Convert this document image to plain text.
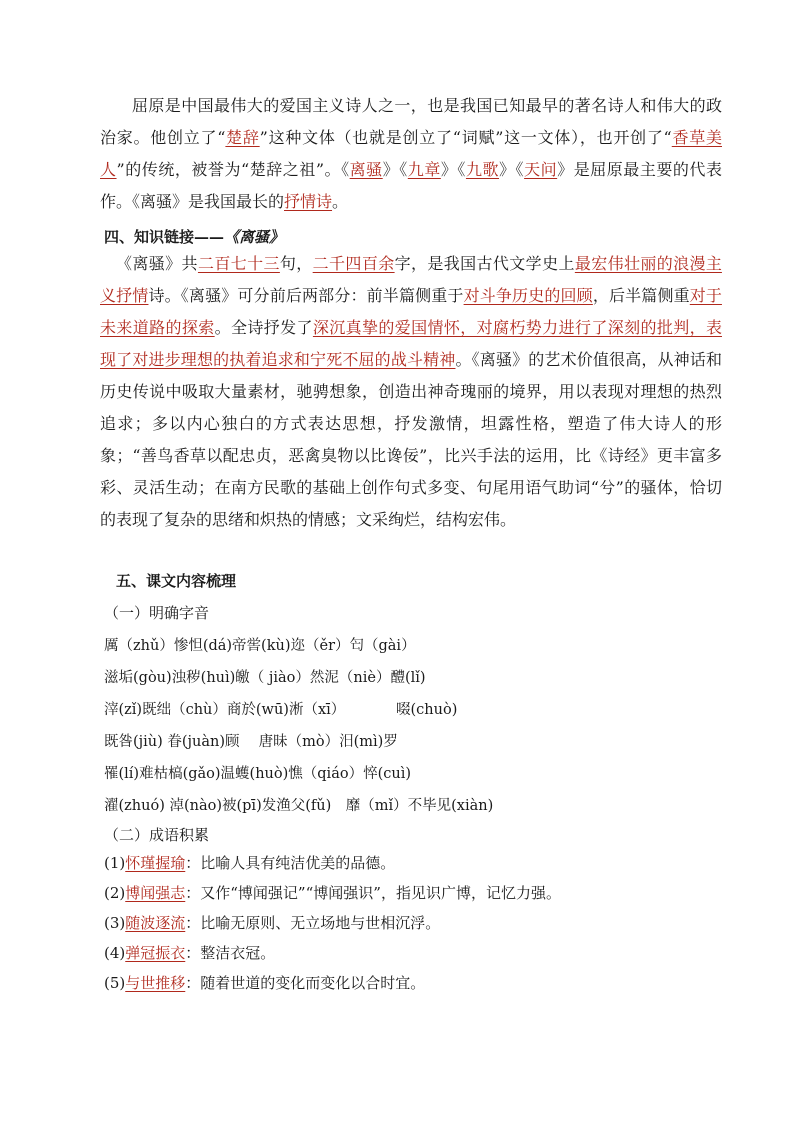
屈原是中国最伟大的爱国主义诗人之一，也是我国已知最早的著名诗人和伟大的政治家。他创立了“楚辞”这种文体（也就是创立了“词赋”这一文体），也开创了“香草美人”的传统，被誉为“楚辞之祖”。《离骚》《九章》《九歌》《天问》是屈原最主要的代表作。《离骚》是我国最长的抒情诗。

四、知识链接——《离骚》

《离骚》共二百七十三句，二千四百余字，是我国古代文学史上最宏伟壮丽的浪漫主义抒情诗。《离骚》可分前后两部分：前半篇侧重于对斗争历史的回顾，后半篇侧重对于未来道路的探索。全诗抒发了深沉真挚的爱国情怀，对腐朽势力进行了深刻的批判，表现了对进步理想的执着追求和宁死不屈的战斗精神。《离骚》的艺术价值很高，从神话和历史传说中吸取大量素材，驰骋想象，创造出神奇瑰丽的境界，用以表现对理想的热烈追求；多以内心独白的方式表达思想，抒发激情，坦露性格，塑造了伟大诗人的形象；“善鸟香草以配忠贞，恶禽臭物以比谗佞”，比兴手法的运用，比《诗经》更丰富多彩、灵活生动；在南方民歌的基础上创作句式多变、句尾用语气助词“兮”的骚体，恰切的表现了复杂的思绪和炽热的情感；文采绚烂，结构宏伟。

五、课文内容梳理

（一）明确字音

厲（zhǔ）惨怛(dá)帝喾(kù)迩（ěr）匄（gài）

滋垢(gòu)浊秽(huì)皦（ jiào）然泥（niè）醴(lǐ)

滓(zǐ)既绌（chù）商於(wū)淅（xī）　　　　啜(chuò)

既咎(jiù) 眷(juàn)顾　 唐昧（mò）汨(mì)罗

罹(lí)难枯槁(gǎo)温蠖(huò)憔（qiáo）悴(cuì)

濯(zhuó) 淖(nào)被(pī)发渔父(fǔ)　靡（mǐ）不毕见(xiàn)

（二）成语积累

(1)怀瑾握瑜：比喻人具有纯洁优美的品德。

(2)博闻强志：又作“博闻强记”“博闻强识”，指见识广博，记忆力强。

(3)随波逐流：比喻无原则、无立场地与世相沉浮。

(4)弹冠振衣：整洁衣冠。

(5)与世推移：随着世道的变化而变化以合时宜。
